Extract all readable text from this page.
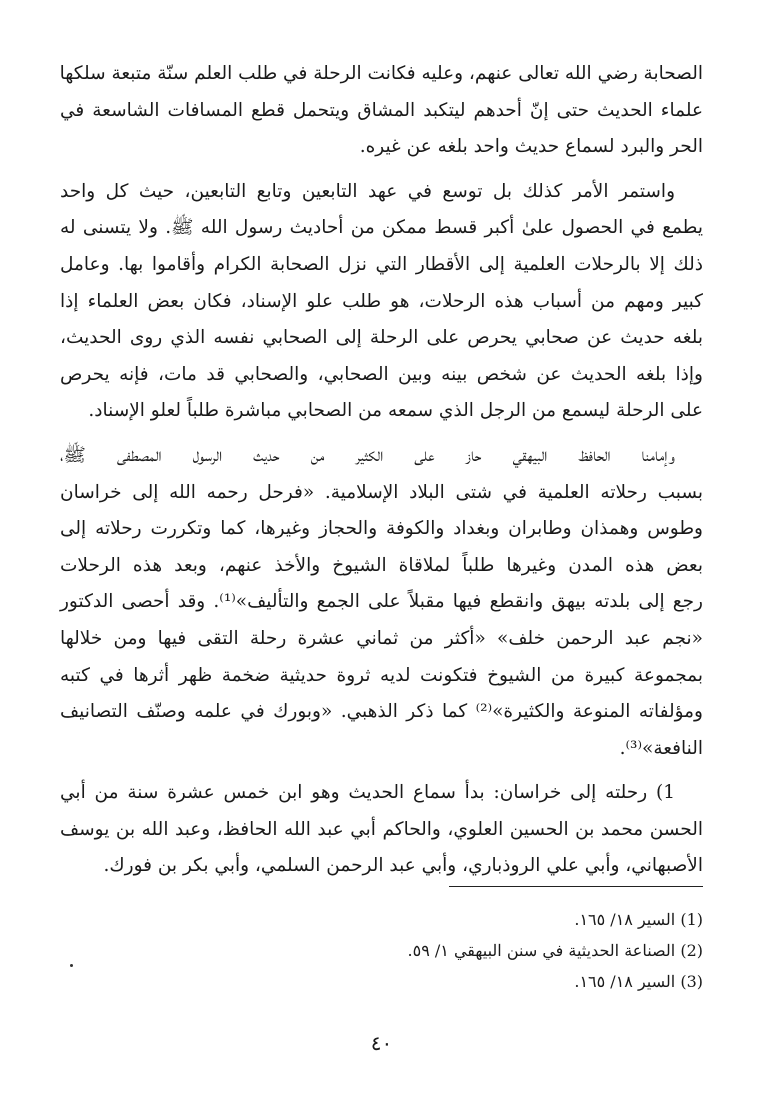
الصحابة رضي الله تعالى عنهم، وعليه فكانت الرحلة في طلب العلم سنّة متبعة سلكها
علماء الحديث حتى إنّ أحدهم ليتكبد المشاق ويتحمل قطع المسافات الشاسعة في
الحر والبرد لسماع حديث واحد بلغه عن غيره.
واستمر الأمر كذلك بل توسع في عهد التابعين وتابع التابعين، حيث كل واحد
يطمع في الحصول علىٰ أكبر قسط ممكن من أحاديث رسول الله ﷺ. ولا يتسنى له
ذلك إلا بالرحلات العلمية إلى الأقطار التي نزل الصحابة الكرام وأقاموا بها. وعامل
كبير ومهم من أسباب هذه الرحلات، هو طلب علو الإسناد، فكان بعض العلماء إذا
بلغه حديث عن صحابي يحرص على الرحلة إلى الصحابي نفسه الذي روى الحديث،
وإذا بلغه الحديث عن شخص بينه وبين الصحابي، والصحابي قد مات، فإنه يحرص
على الرحلة ليسمع من الرجل الذي سمعه من الصحابي مباشرة طلباً لعلو الإسناد.
وإمامنا الحافظ البيهقي حاز على الكثير من حديث الرسول المصطفى ﷺ،
بسبب رحلاته العلمية في شتى البلاد الإسلامية. «فرحل رحمه الله إلى خراسان
وطوس وهمذان وطابران وبغداد والكوفة والحجاز وغيرها، كما وتكررت رحلاته إلى
بعض هذه المدن وغيرها طلباً لملاقاة الشيوخ والأخذ عنهم، وبعد هذه الرحلات
رجع إلى بلدته بيهق وانقطع فيها مقبلاً على الجمع والتأليف»⁽¹⁾. وقد أحصى الدكتور
«نجم عبد الرحمن خلف» «أكثر من ثماني عشرة رحلة التقى فيها ومن خلالها
بمجموعة كبيرة من الشيوخ فتكونت لديه ثروة حديثية ضخمة ظهر أثرها في كتبه
ومؤلفاته المنوعة والكثيرة»⁽²⁾ كما ذكر الذهبي. «وبورك في علمه وصنّف التصانيف
النافعة»⁽³⁾.
1) رحلته إلى خراسان: بدأ سماع الحديث وهو ابن خمس عشرة سنة من أبي
الحسن محمد بن الحسين العلوي، والحاكم أبي عبد الله الحافظ، وعبد الله بن يوسف
الأصبهاني، وأبي علي الروذباري، وأبي عبد الرحمن السلمي، وأبي بكر بن فورك.
(1) السير ١٨/ ١٦٥.
(2) الصناعة الحديثية في سنن البيهقي ١/ ٥٩.
(3) السير ١٨/ ١٦٥.
٤٠
